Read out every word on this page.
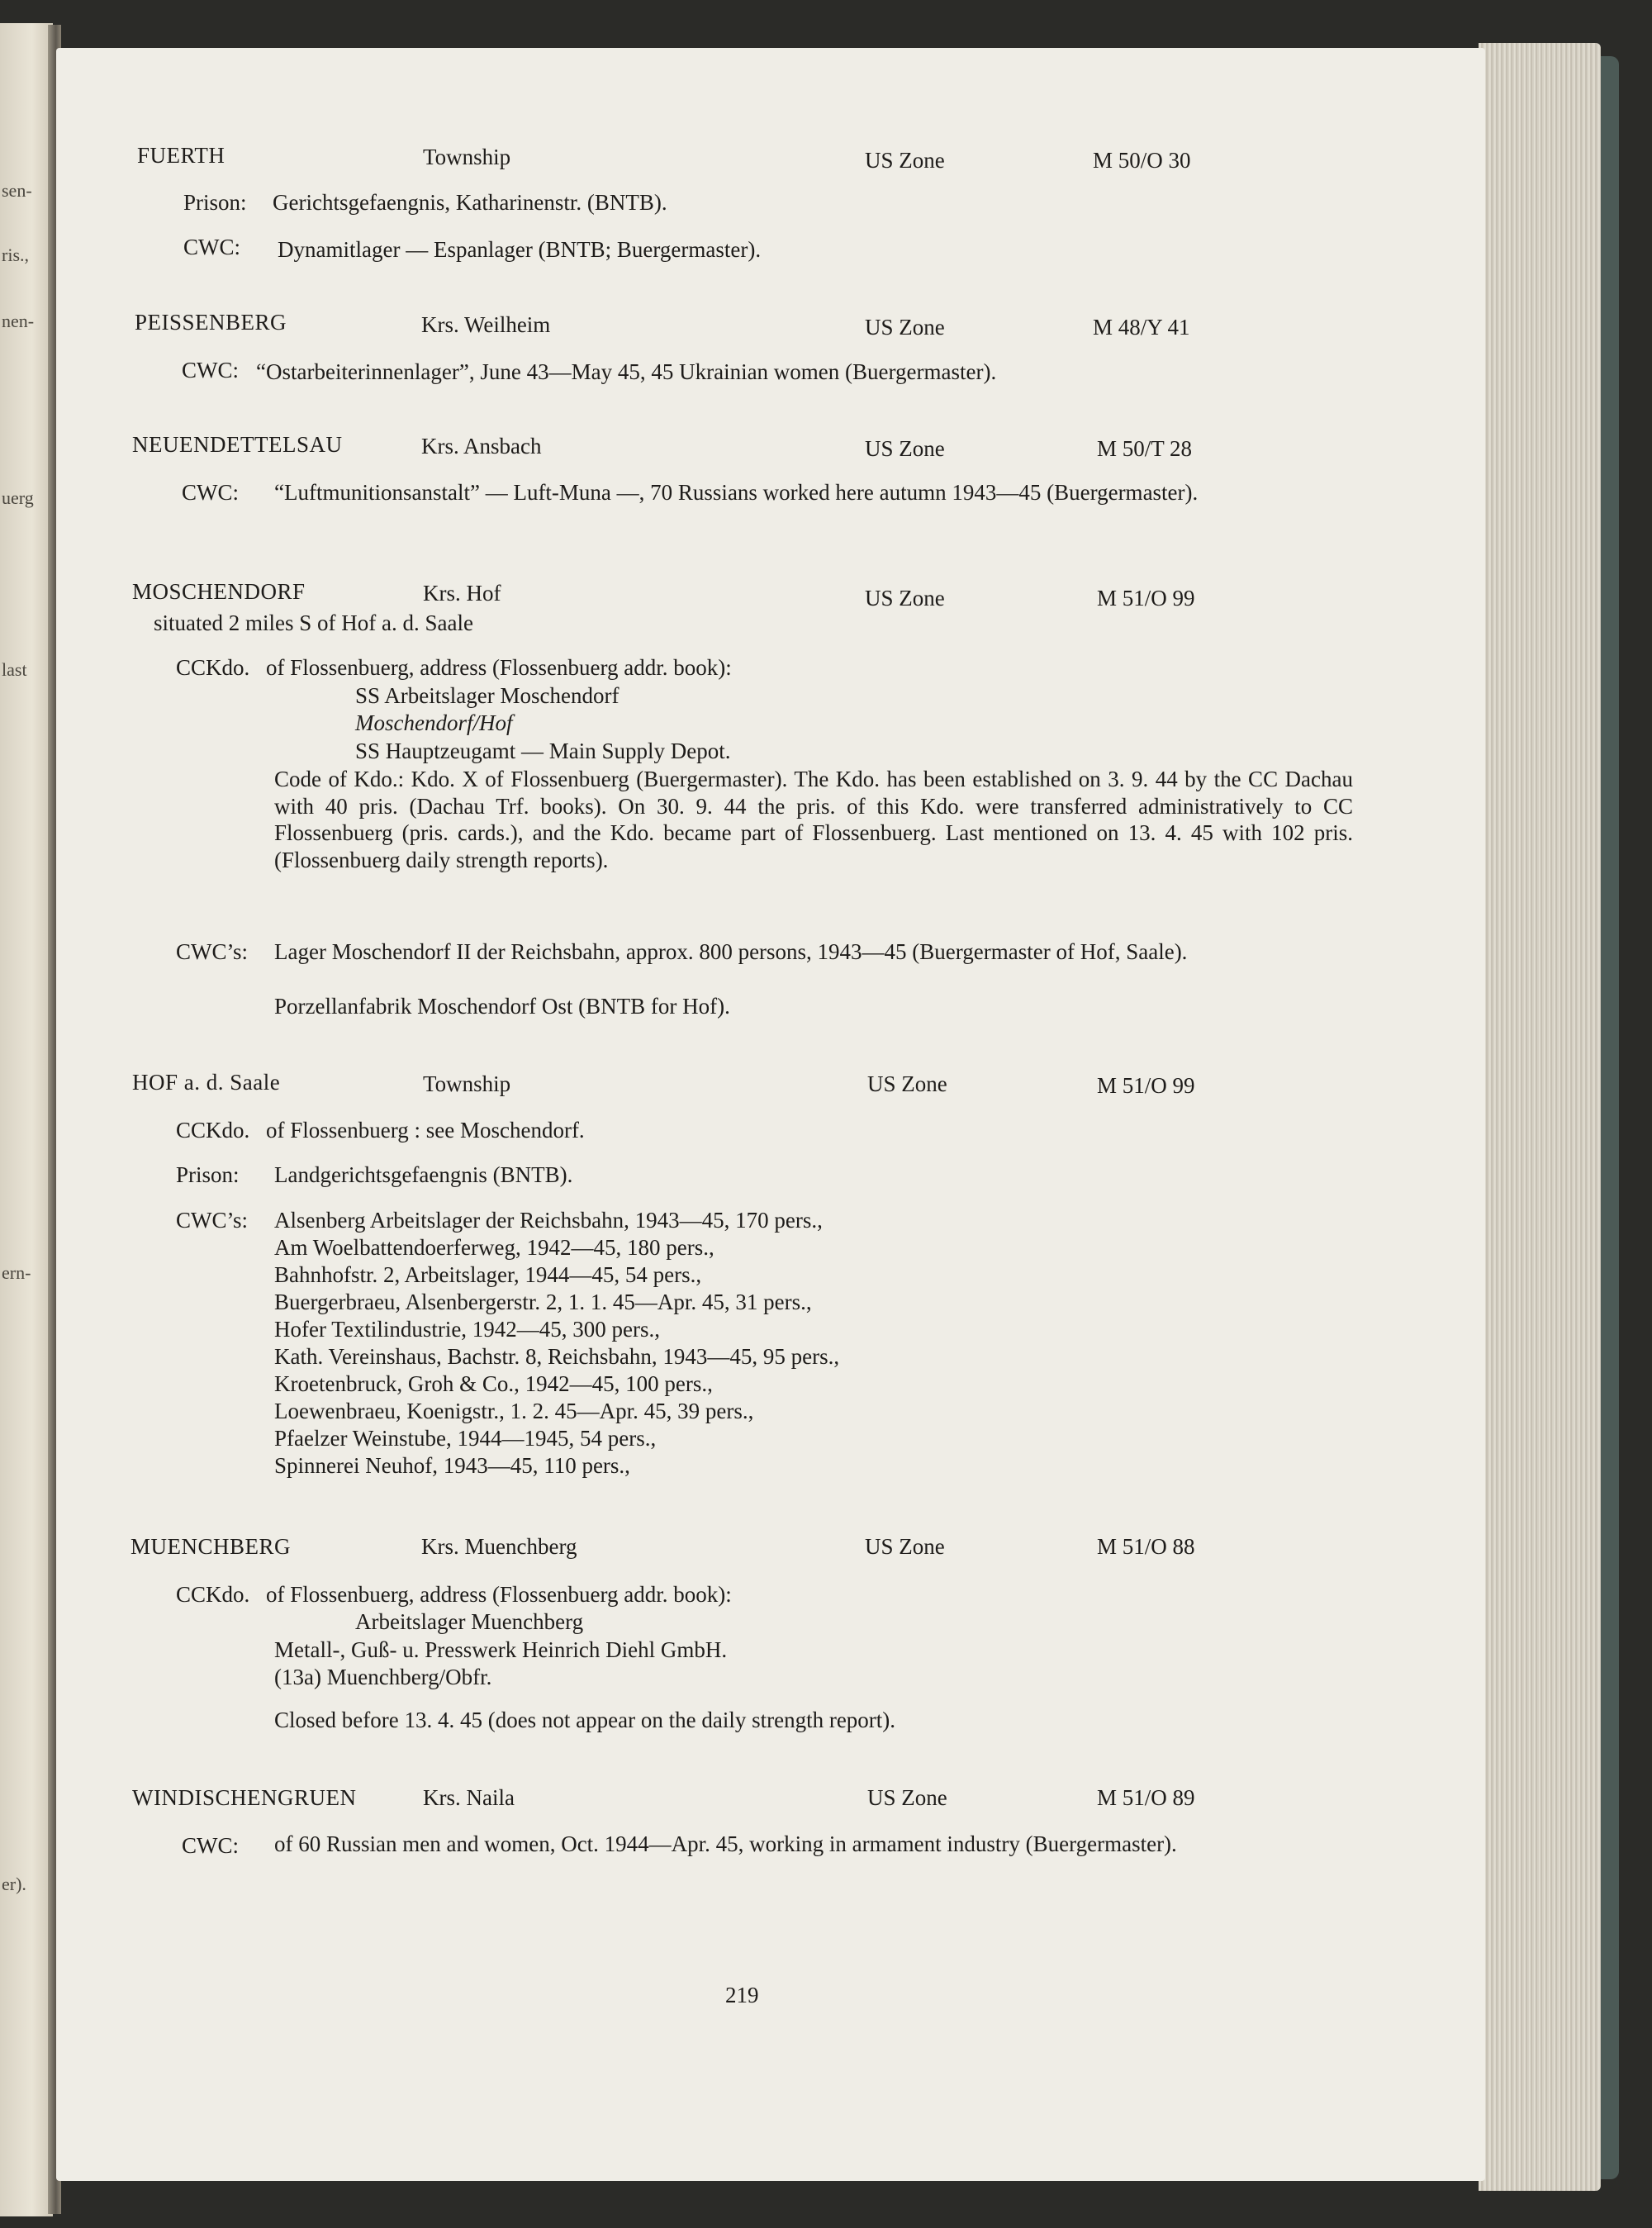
sen-
ris.,
nen-
uerg
last
ern-
er).
FUERTH	Township	US Zone	M 50/O 30
Prison: Gerichtsgefaengnis, Katharinenstr. (BNTB).
CWC: Dynamitlager — Espanlager (BNTB; Buergermaster).
PEISSENBERG	Krs. Weilheim	US Zone	M 48/Y 41
CWC: “Ostarbeiterinnenlager”, June 43—May 45, 45 Ukrainian women (Buergermaster).
NEUENDETTELSAU	Krs. Ansbach	US Zone	M 50/T 28
CWC: “Luftmunitionsanstalt” — Luft-Muna —, 70 Russians worked here autumn 1943—45 (Buergermaster).
MOSCHENDORF	Krs. Hof	US Zone	M 51/O 99
situated 2 miles S of Hof a. d. Saale
CCKdo. of Flossenbuerg, address (Flossenbuerg addr. book):
SS Arbeitslager Moschendorf
Moschendorf/Hof
SS Hauptzeugamt — Main Supply Depot.
Code of Kdo.: Kdo. X of Flossenbuerg (Buergermaster). The Kdo. has been established on 3. 9. 44 by the CC Dachau with 40 pris. (Dachau Trf. books). On 30. 9. 44 the pris. of this Kdo. were transferred administratively to CC Flossenbuerg (pris. cards.), and the Kdo. became part of Flossenbuerg. Last mentioned on 13. 4. 45 with 102 pris. (Flossenbuerg daily strength reports).
CWC’s: Lager Moschendorf II der Reichsbahn, approx. 800 persons, 1943—45 (Buergermaster of Hof, Saale).
Porzellanfabrik Moschendorf Ost (BNTB for Hof).
HOF a. d. Saale	Township	US Zone	M 51/O 99
CCKdo. of Flossenbuerg : see Moschendorf.
Prison: Landgerichtsgefaengnis (BNTB).
CWC’s: Alsenberg Arbeitslager der Reichsbahn, 1943—45, 170 pers.,
Am Woelbattendoerferweg, 1942—45, 180 pers.,
Bahnhofstr. 2, Arbeitslager, 1944—45, 54 pers.,
Buergerbraeu, Alsenbergerstr. 2, 1. 1. 45—Apr. 45, 31 pers.,
Hofer Textilindustrie, 1942—45, 300 pers.,
Kath. Vereinshaus, Bachstr. 8, Reichsbahn, 1943—45, 95 pers.,
Kroetenbruck, Groh & Co., 1942—45, 100 pers.,
Loewenbraeu, Koenigstr., 1. 2. 45—Apr. 45, 39 pers.,
Pfaelzer Weinstube, 1944—1945, 54 pers.,
Spinnerei Neuhof, 1943—45, 110 pers.,
MUENCHBERG	Krs. Muenchberg	US Zone	M 51/O 88
CCKdo. of Flossenbuerg, address (Flossenbuerg addr. book):
Arbeitslager Muenchberg
Metall-, Guß- u. Presswerk Heinrich Diehl GmbH.
(13a) Muenchberg/Obfr.
Closed before 13. 4. 45 (does not appear on the daily strength report).
WINDISCHENGRUEN	Krs. Naila	US Zone	M 51/O 89
CWC: of 60 Russian men and women, Oct. 1944—Apr. 45, working in armament industry (Buergermaster).
219
